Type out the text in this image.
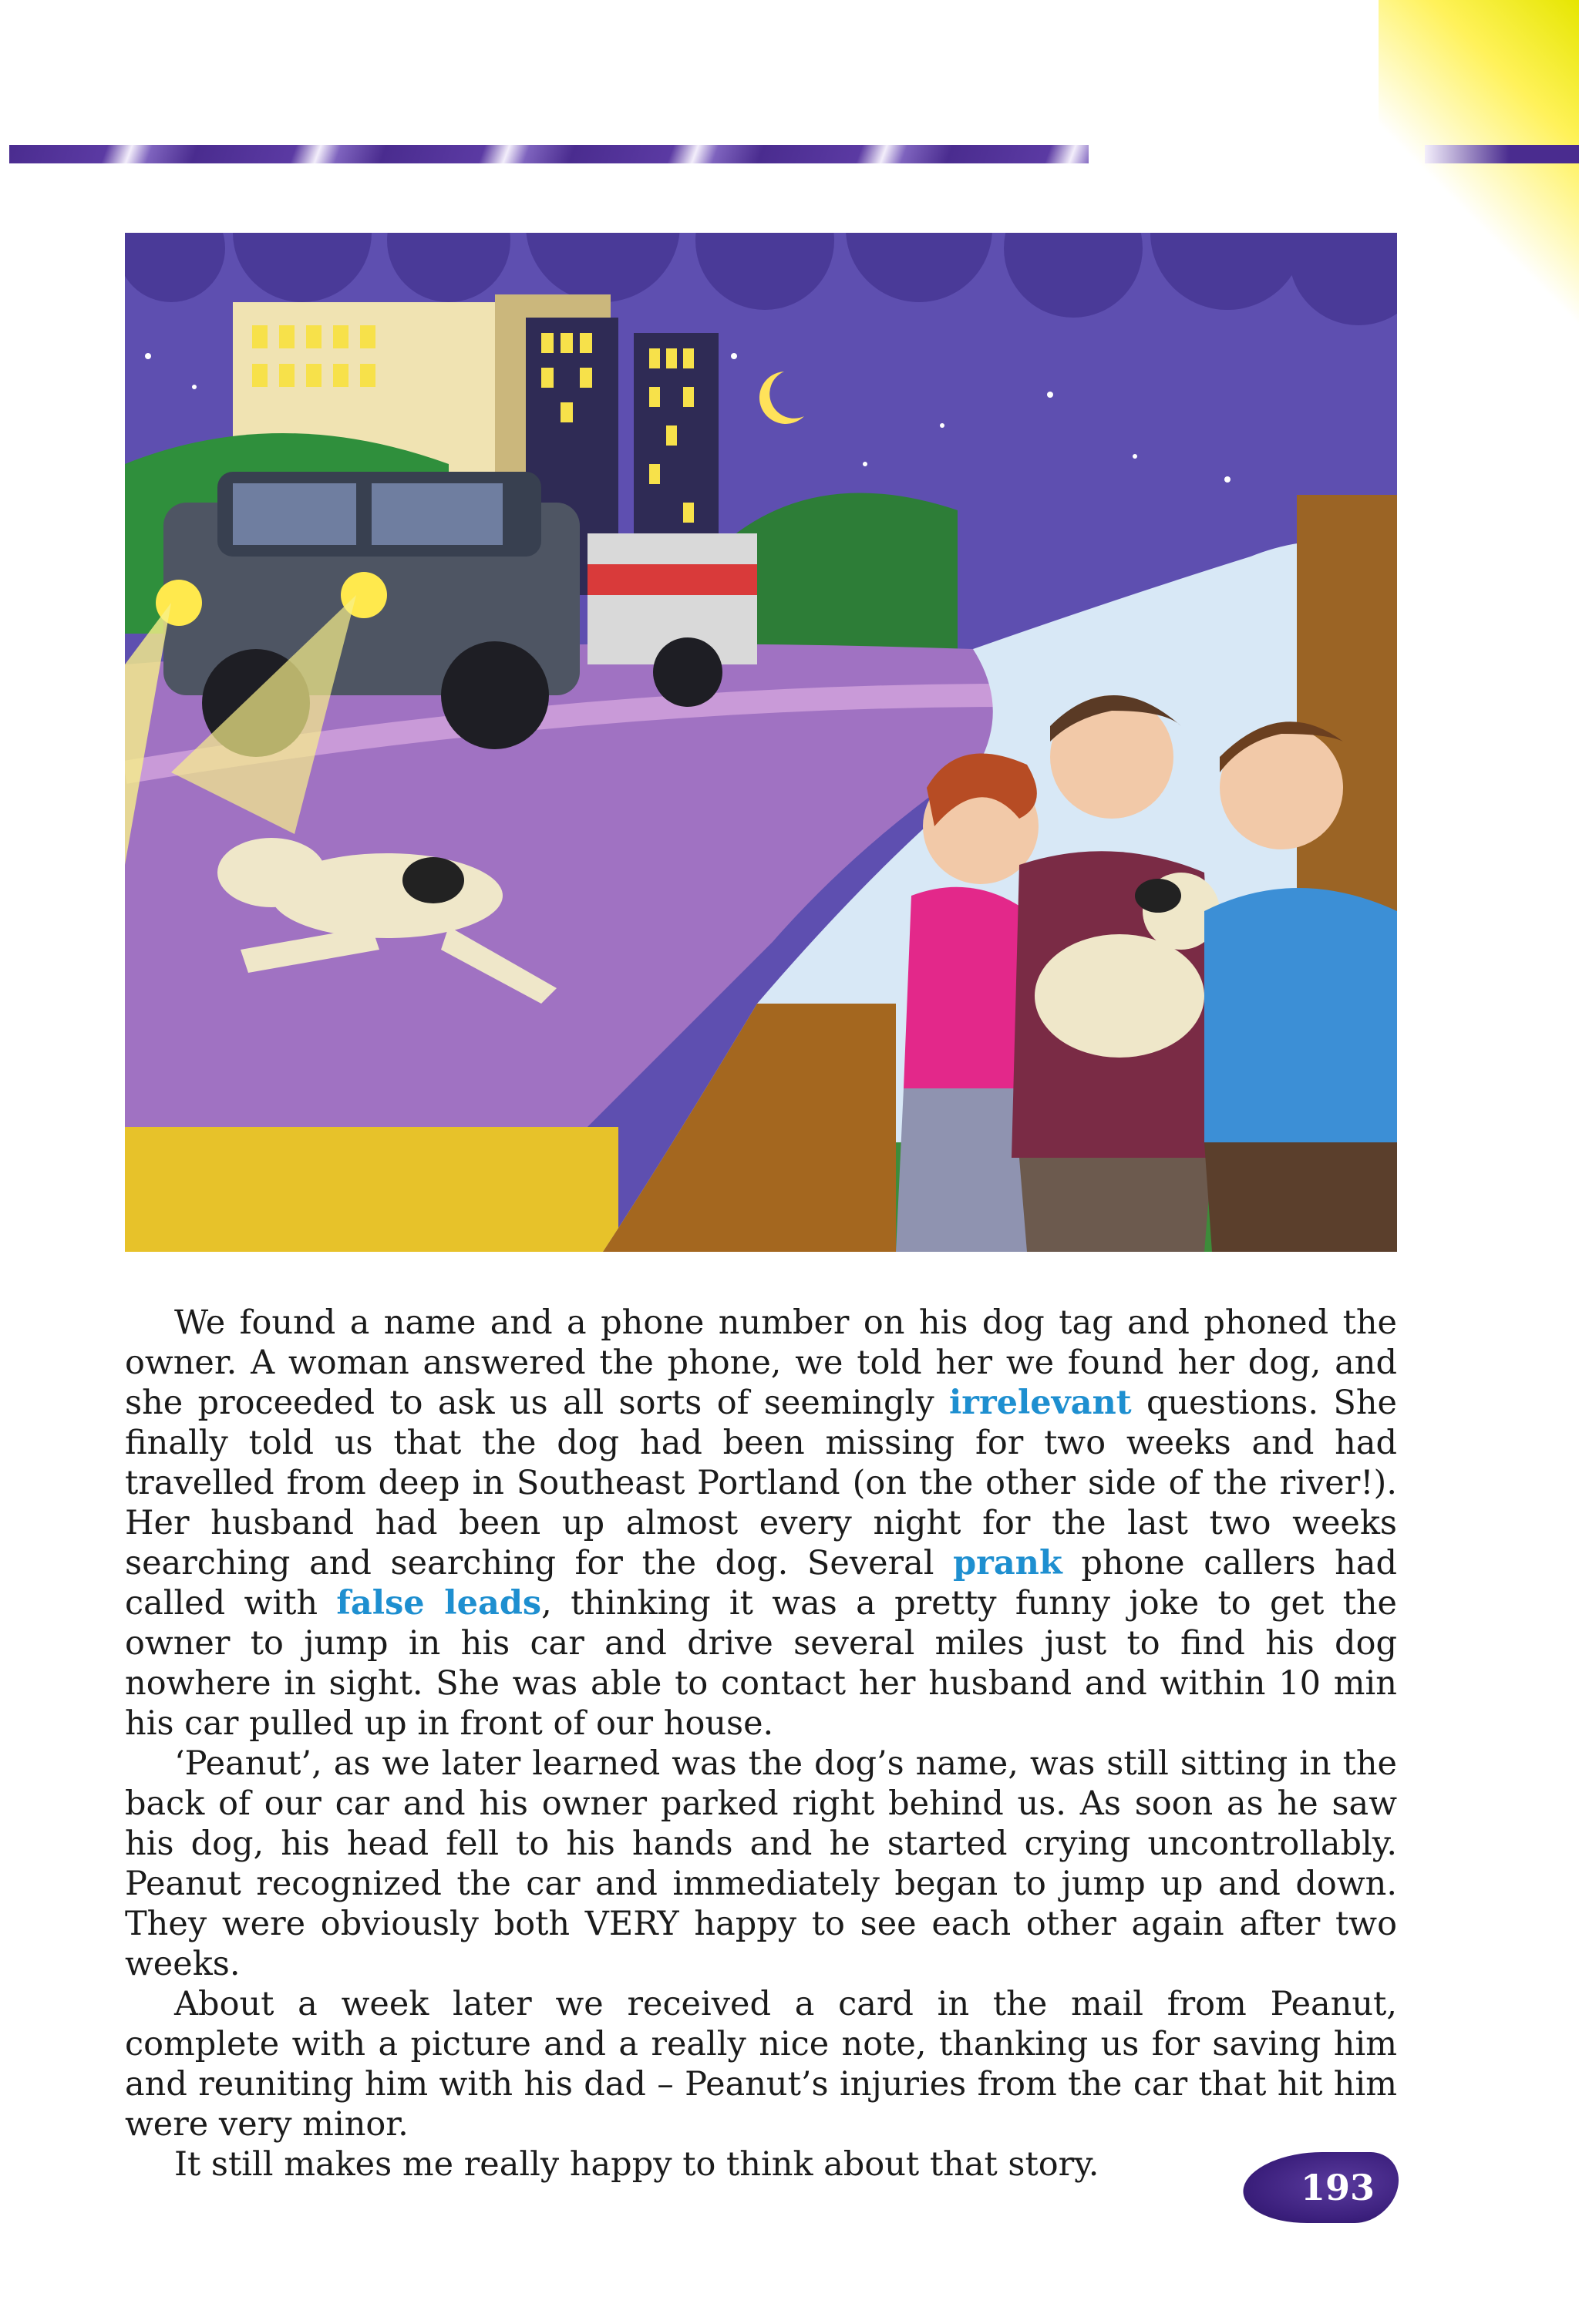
We found a name and a phone number on his dog tag and phoned the owner. A woman answered the phone, we told her we found her dog, and she proceeded to ask us all sorts of seemingly irrelevant questions. She finally told us that the dog had been missing for two weeks and had travelled from deep in Southeast Portland (on the other side of the river!). Her husband had been up almost every night for the last two weeks searching and searching for the dog. Several prank phone callers had called with false leads, thinking it was a pretty funny joke to get the owner to jump in his car and drive several miles just to find his dog nowhere in sight. She was able to contact her husband and within 10 min his car pulled up in front of our house.

‘Peanut’, as we later learned was the dog’s name, was still sitting in the back of our car and his owner parked right behind us. As soon as he saw his dog, his head fell to his hands and he started crying uncontrollably. Peanut recognized the car and immediately began to jump up and down. They were obviously both VERY happy to see each other again after two weeks.

About a week later we received a card in the mail from Peanut, complete with a picture and a really nice note, thanking us for saving him and reuniting him with his dad – Peanut’s injuries from the car that hit him were very minor.

It still makes me really happy to think about that story.

193
